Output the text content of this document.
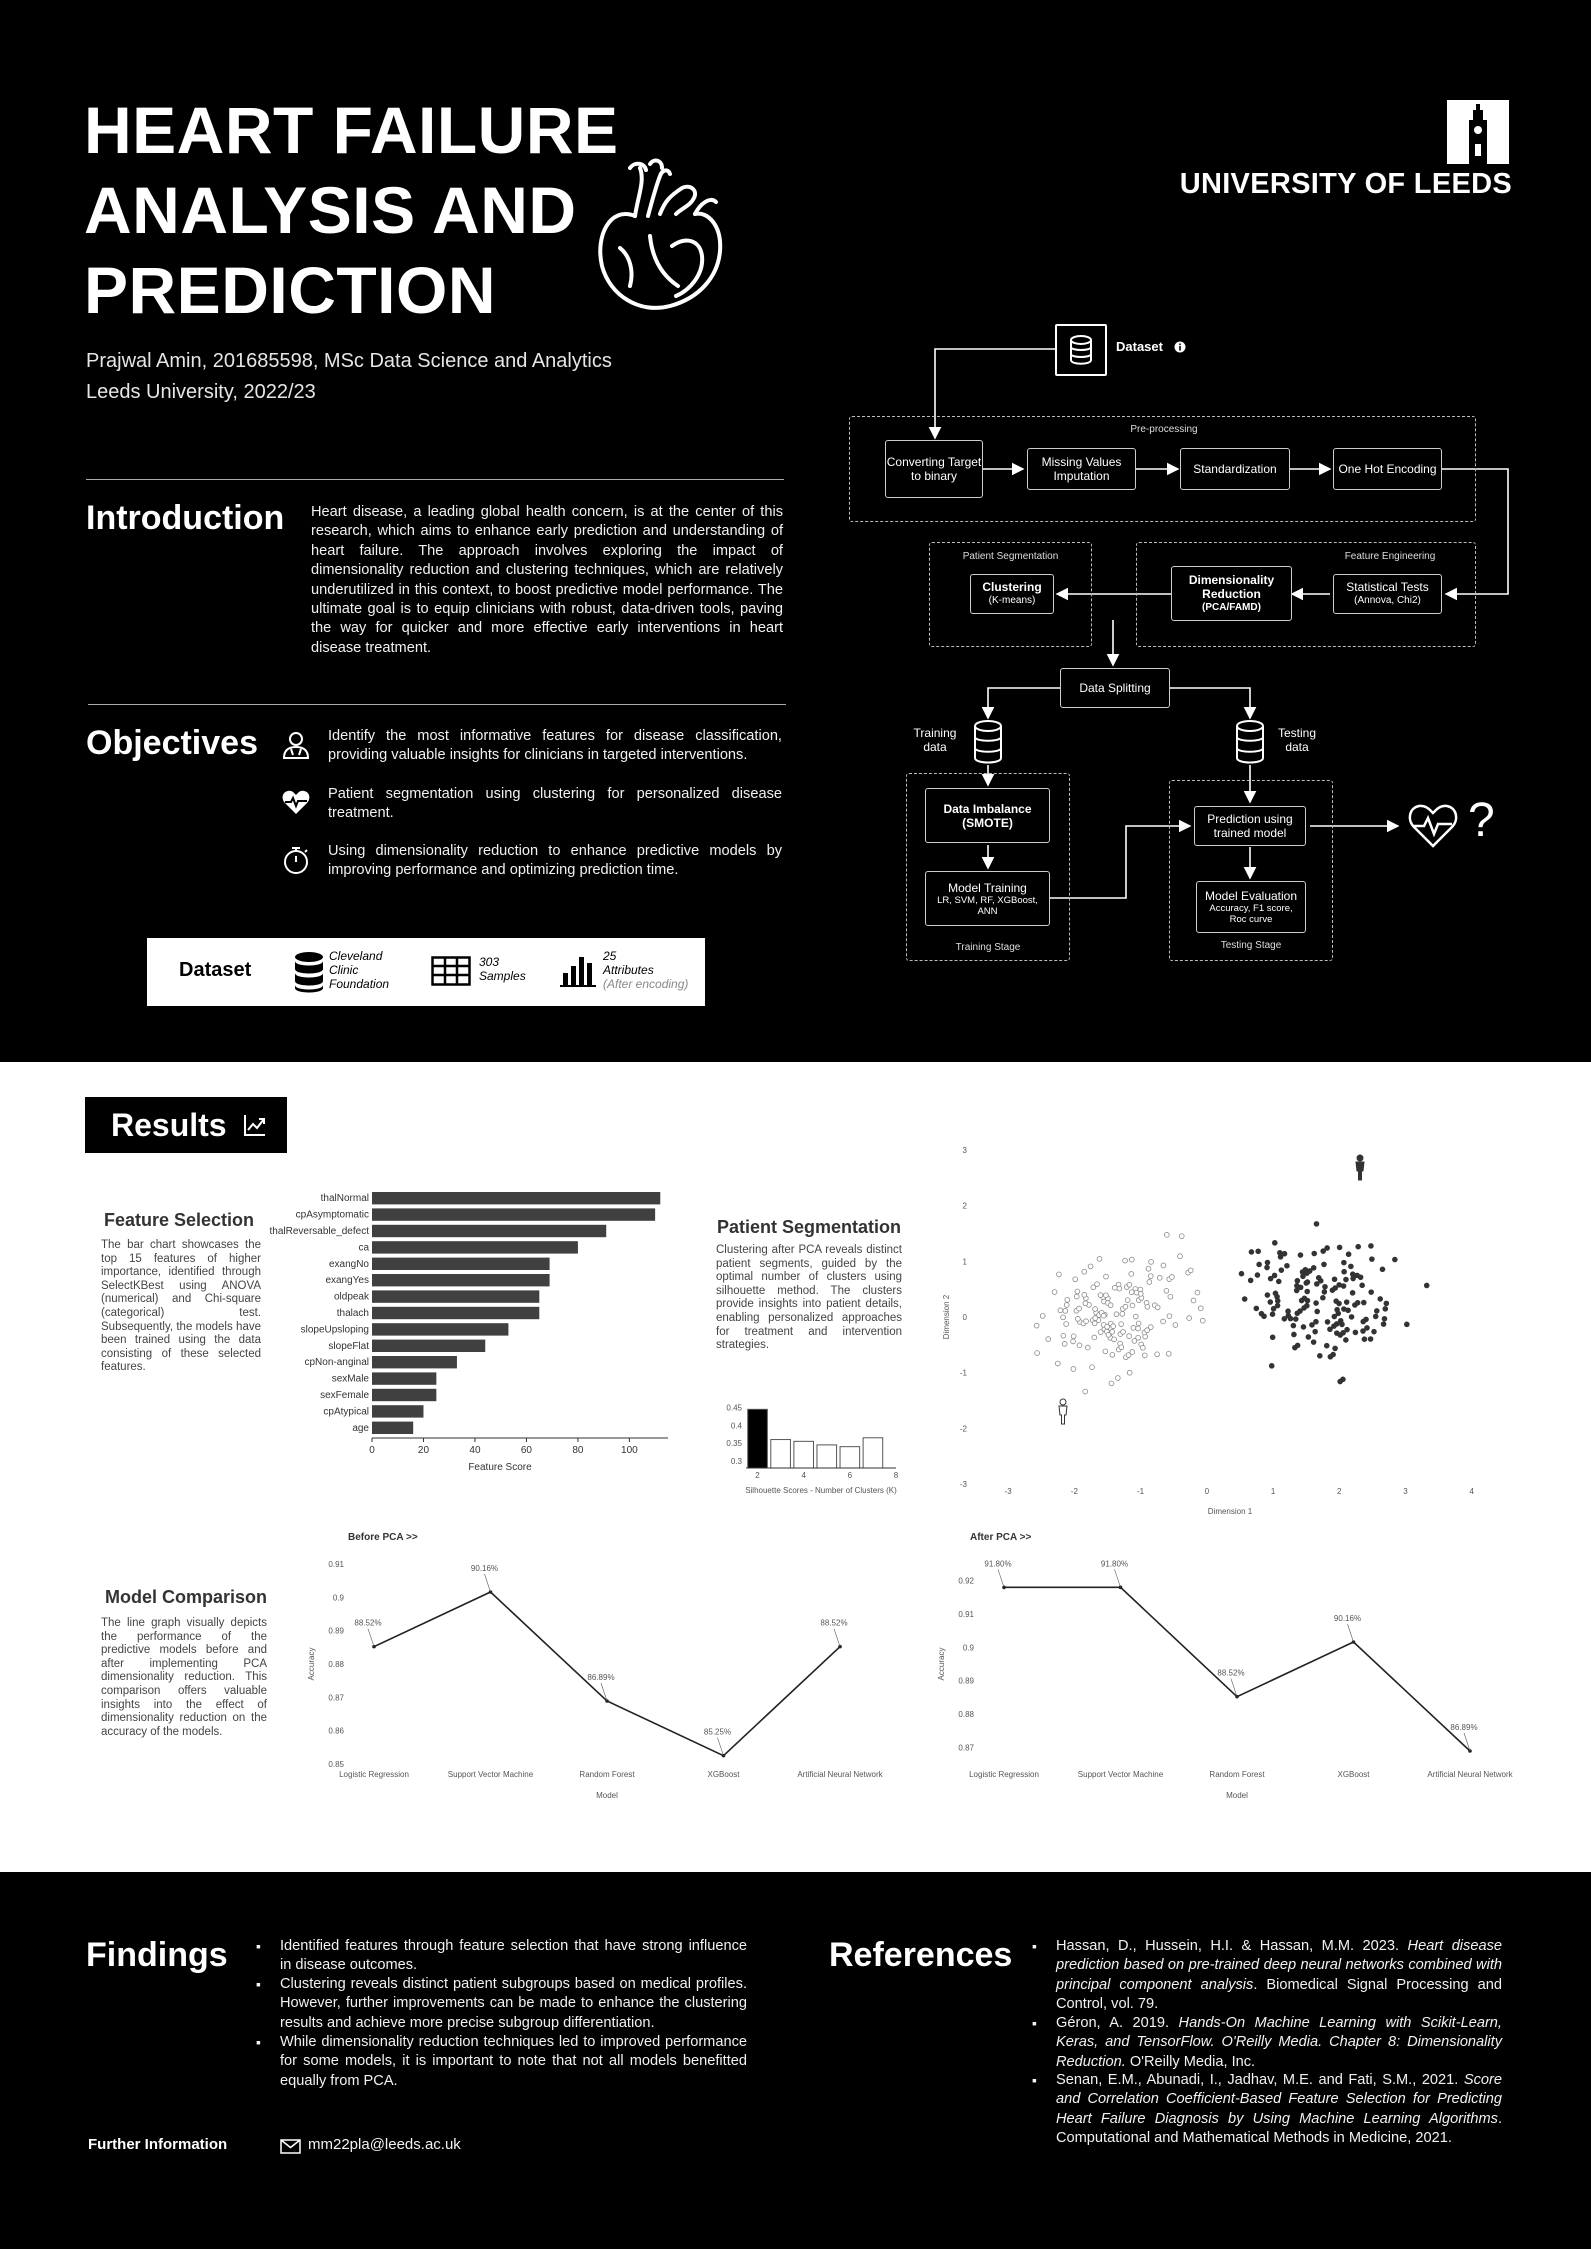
HEART FAILURE
ANALYSIS AND
PREDICTION
Prajwal Amin, 201685598, MSc Data Science and Analytics
Leeds University, 2022/23
UNIVERSITY OF LEEDS
Introduction Heart disease, a leading global health concern, is at the center of this research, which aims to enhance early prediction and understanding of heart failure. The approach involves exploring the impact of dimensionality reduction and clustering techniques, which are relatively underutilized in this context, to boost predictive model performance. The ultimate goal is to equip clinicians with robust, data-driven tools, paving the way for quicker and more effective early interventions in heart disease treatment.
Objectives	Identify the most informative features for disease classification, providing valuable insights for clinicians in targeted interventions.
Patient segmentation using clustering for personalized disease treatment.
Using dimensionality reduction to enhance predictive models by improving performance and optimizing prediction time.
Dataset
Cleveland
Clinic
Foundation
303
Samples
25
Attributes
(After encoding)
Dataset
Pre-processing
Converting Target to binary
Missing Values Imputation	Standardization	One Hot Encoding
Patient Segmentation
Clustering
(K-means)
Feature Engineering
Dimensionality Reduction
(PCA/FAMD)
Statistical Tests
(Annova, Chi2)
Data Splitting
Training data
Testing data
Data Imbalance (SMOTE)
Model Training
LR, SVM, RF, XGBoost, ANN
Training Stage
Prediction using trained model
Model Evaluation
Accuracy, F1 score, Roc curve
Testing Stage
?
Results
Feature Selection
The bar chart showcases the top 15 features of higher importance, identified through SelectKBest using ANOVA (numerical) and Chi-square (categorical) test. Subsequently, the models have been trained using the data consisting of these selected features.
thalNormal
cpAsymptomatic
thalReversable_defect
ca
exangNo
exangYes
oldpeak
thalach
slopeUpsloping
slopeFlat
cpNon-anginal
sexMale
sexFemale
cpAtypical
age
0	20	40	60	80	100
Feature Score
Patient Segmentation
Clustering after PCA reveals distinct patient segments, guided by the optimal number of clusters using silhouette method. The clusters provide insights into patient details, enabling personalized approaches for treatment and intervention strategies.
0.3
0.35
0.4
0.45
2	4	6	8
Silhouette Scores - Number of Clusters (K)
-3
-2
-1
0
1
2
3
-3	-2	-1	0	1	2	3	4
Dimension 1
Dimension 2
Model Comparison
The line graph visually depicts the performance of the predictive models before and after implementing PCA dimensionality reduction. This comparison offers valuable insights into the effect of dimensionality reduction on the accuracy of the models.
Before PCA >>
0.85
0.86
0.87
0.88
0.89
0.9
0.91
Accuracy
88.52%
Logistic Regression
90.16%
Support Vector Machine
86.89%
Random Forest
85.25%
XGBoost
88.52%
Artificial Neural Network
Model
After PCA >>
0.87
0.88
0.89
0.9
0.91
0.92
Accuracy
91.80%
Logistic Regression
91.80%
Support Vector Machine
88.52%
Random Forest
90.16%
XGBoost
86.89%
Artificial Neural Network
Model
Findings	▪ Identified features through feature selection that have strong influence in disease outcomes.
▪ Clustering reveals distinct patient subgroups based on medical profiles. However, further improvements can be made to enhance the clustering results and achieve more precise subgroup differentiation.
▪ While dimensionality reduction techniques led to improved performance for some models, it is important to note that not all models benefitted equally from PCA.
Further Information	mm22pla@leeds.ac.uk
References	▪ Hassan, D., Hussein, H.I. & Hassan, M.M. 2023. Heart disease prediction based on pre-trained deep neural networks combined with principal component analysis. Biomedical Signal Processing and Control, vol. 79.
▪ Géron, A. 2019. Hands-On Machine Learning with Scikit-Learn, Keras, and TensorFlow. O'Reilly Media. Chapter 8: Dimensionality Reduction. O'Reilly Media, Inc.
▪ Senan, E.M., Abunadi, I., Jadhav, M.E. and Fati, S.M., 2021. Score and Correlation Coefficient-Based Feature Selection for Predicting Heart Failure Diagnosis by Using Machine Learning Algorithms. Computational and Mathematical Methods in Medicine, 2021.
